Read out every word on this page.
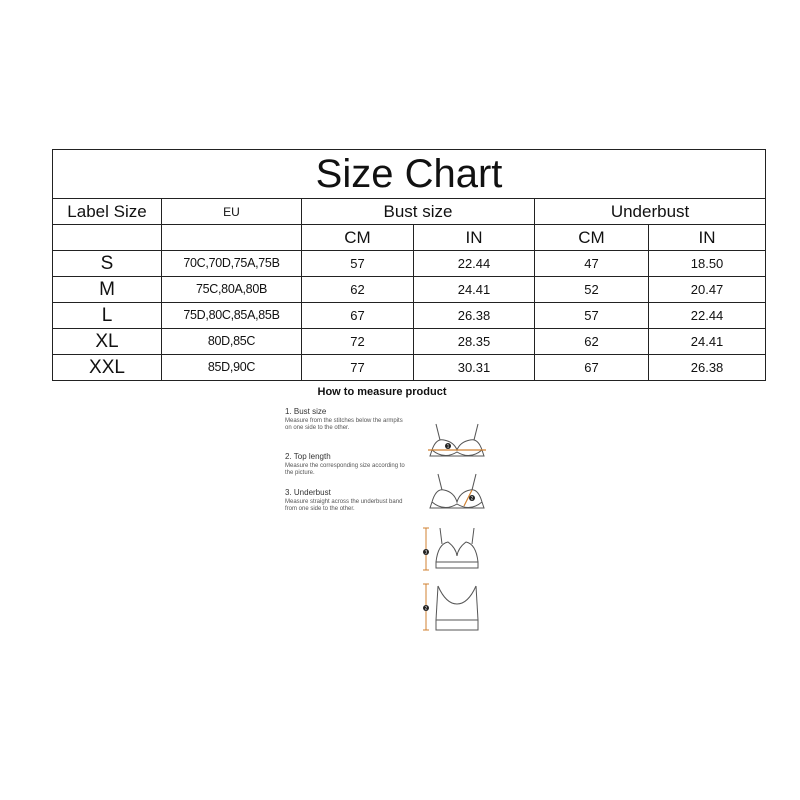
Size Chart					
Label Size	EU	Bust size		Underbust	
		CM	IN	CM	IN
S	70C,70D,75A,75B	57	22.44	47	18.50
M	75C,80A,80B	62	24.41	52	20.47
L	75D,80C,85A,85B	67	26.38	57	22.44
XL	80D,85C	72	28.35	62	24.41
XXL	85D,90C	77	30.31	67	26.38
How to measure product
1. Bust size
Measure from the stitches below the armpits on one side to the other.
2. Top length
Measure the corresponding size according to the picture.
3. Underbust
Measure straight across the underbust band from one side to the other.
1
2
3
2
